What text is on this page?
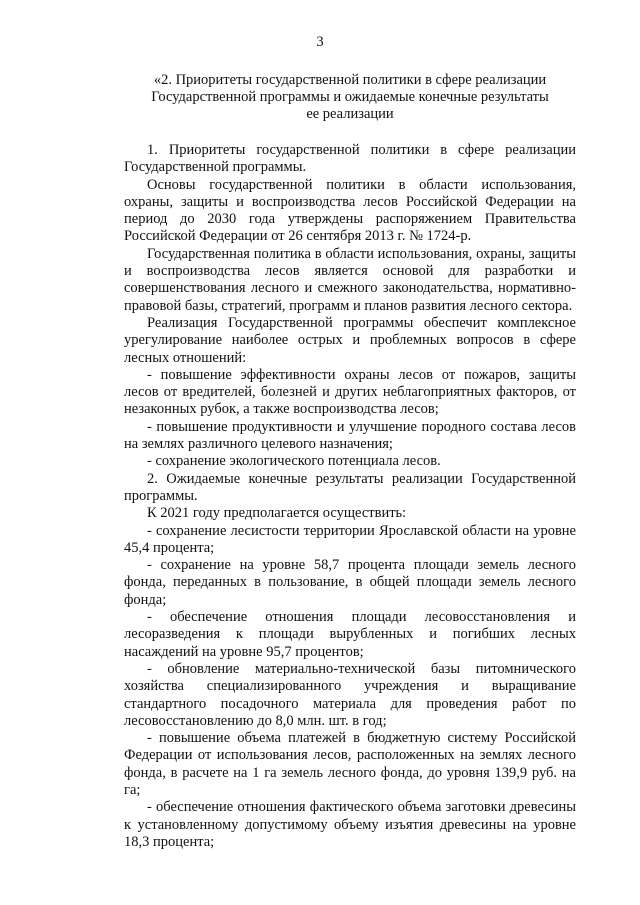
3
«2. Приоритеты государственной политики в сфере реализации
Государственной программы и ожидаемые конечные результаты
ее реализации

1. Приоритеты государственной политики в сфере реализации Государственной программы.

Основы государственной политики в области использования, охраны, защиты и воспроизводства лесов Российской Федерации на период до 2030 года утверждены распоряжением Правительства Российской Федерации от 26 сентября 2013 г. № 1724-р.

Государственная политика в области использования, охраны, защиты и воспроизводства лесов является основой для разработки и совершенствования лесного и смежного законодательства, нормативно-правовой базы, стратегий, программ и планов развития лесного сектора.

Реализация Государственной программы обеспечит комплексное урегулирование наиболее острых и проблемных вопросов в сфере лесных отношений:

- повышение эффективности охраны лесов от пожаров, защиты лесов от вредителей, болезней и других неблагоприятных факторов, от незаконных рубок, а также воспроизводства лесов;

- повышение продуктивности и улучшение породного состава лесов на землях различного целевого назначения;

- сохранение экологического потенциала лесов.

2. Ожидаемые конечные результаты реализации Государственной программы.

К 2021 году предполагается осуществить:

- сохранение лесистости территории Ярославской области на уровне 45,4 процента;

- сохранение на уровне 58,7 процента площади земель лесного фонда, переданных в пользование, в общей площади земель лесного фонда;

- обеспечение отношения площади лесовосстановления и лесоразведения к площади вырубленных и погибших лесных насаждений на уровне 95,7 процентов;

- обновление материально-технической базы питомнического хозяйства специализированного учреждения и выращивание стандартного посадочного материала для проведения работ по лесовосстановлению до 8,0 млн. шт. в год;

- повышение объема платежей в бюджетную систему Российской Федерации от использования лесов, расположенных на землях лесного фонда, в расчете на 1 га земель лесного фонда, до уровня 139,9 руб. на га;

- обеспечение отношения фактического объема заготовки древесины к установленному допустимому объему изъятия древесины на уровне 18,3 процента;
